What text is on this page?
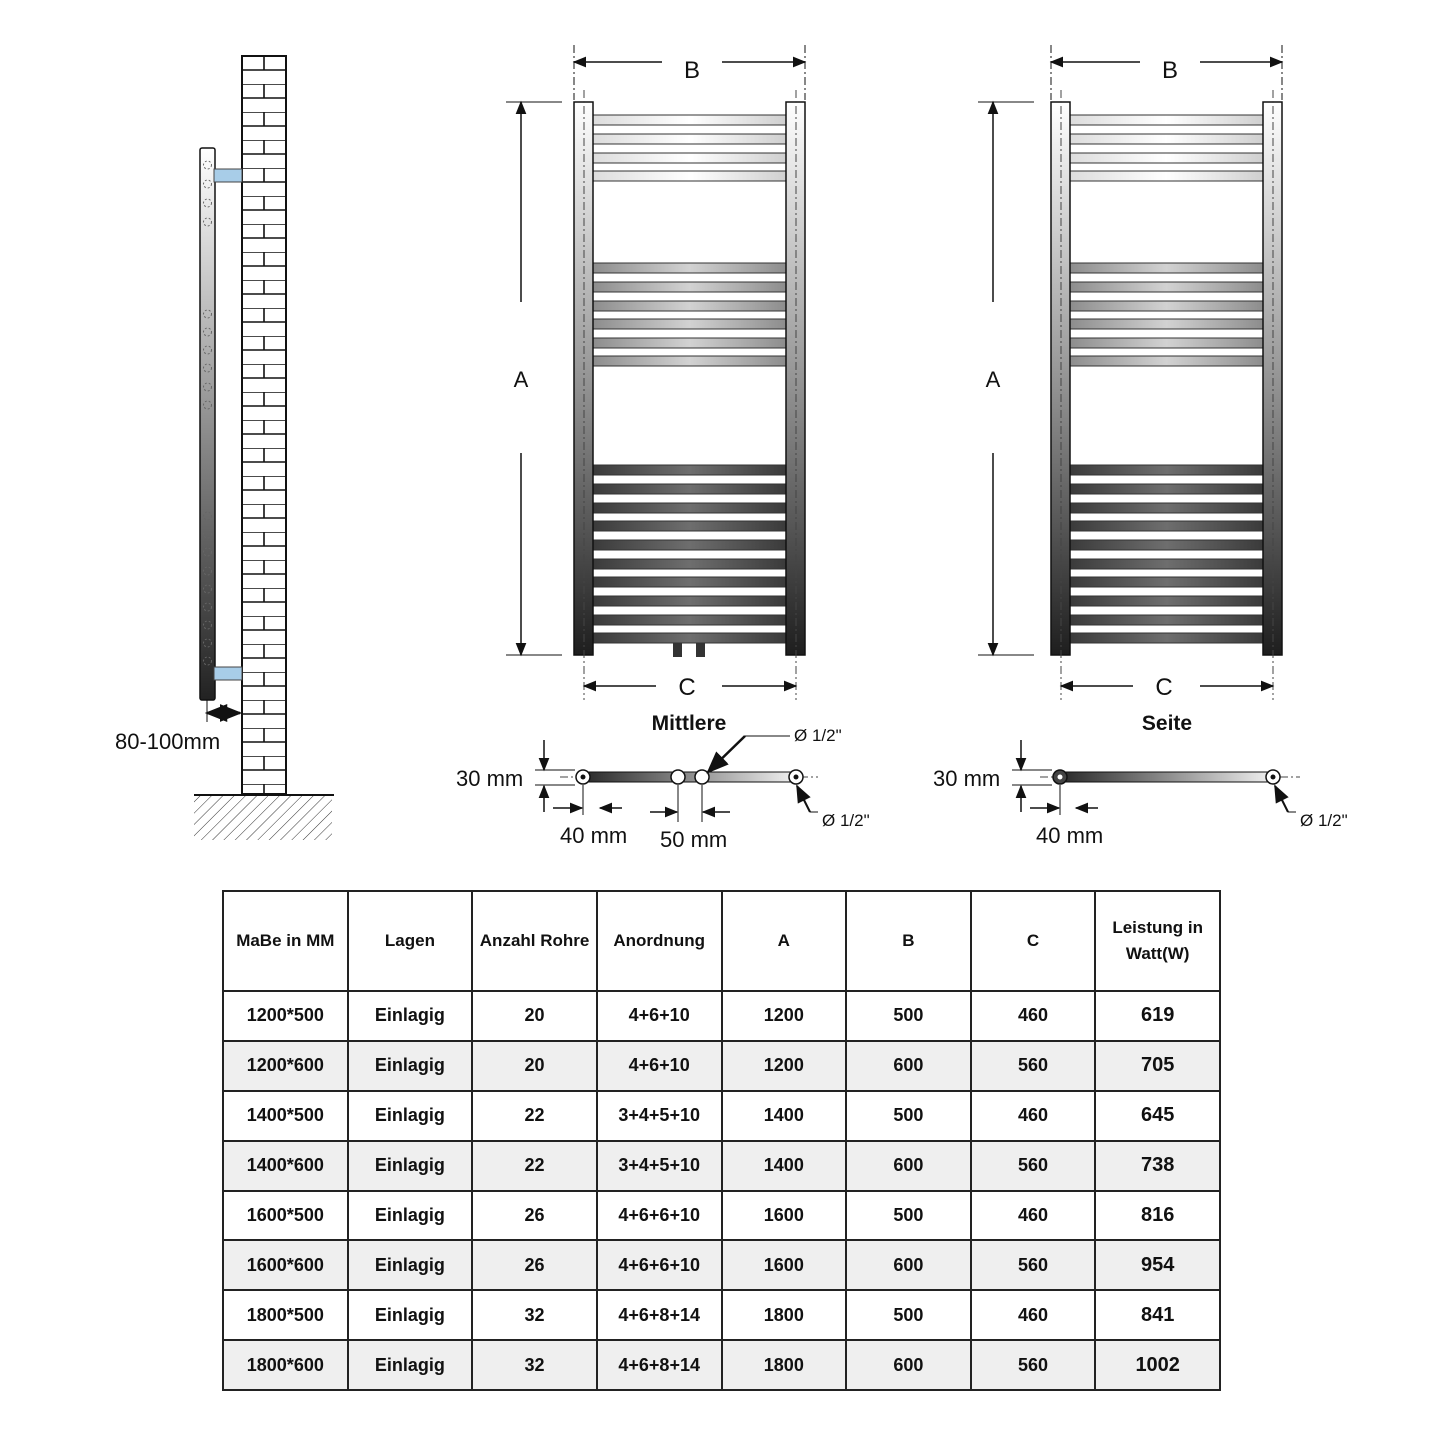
80-100mm
B
A
C
Mittlere
B
A
C
Seite
30 mm
40 mm 50 mm
Ø 1/2"
Ø 1/2"
30 mm
40 mm
Ø 1/2"
MaBe in MM	Lagen	Anzahl Rohre	Anordnung	A	B	C	Leistung in Watt(W)
1200*500	Einlagig	20	4+6+10	1200	500	460	619
1200*600	Einlagig	20	4+6+10	1200	600	560	705
1400*500	Einlagig	22	3+4+5+10	1400	500	460	645
1400*600	Einlagig	22	3+4+5+10	1400	600	560	738
1600*500	Einlagig	26	4+6+6+10	1600	500	460	816
1600*600	Einlagig	26	4+6+6+10	1600	600	560	954
1800*500	Einlagig	32	4+6+8+14	1800	500	460	841
1800*600	Einlagig	32	4+6+8+14	1800	600	560	1002
